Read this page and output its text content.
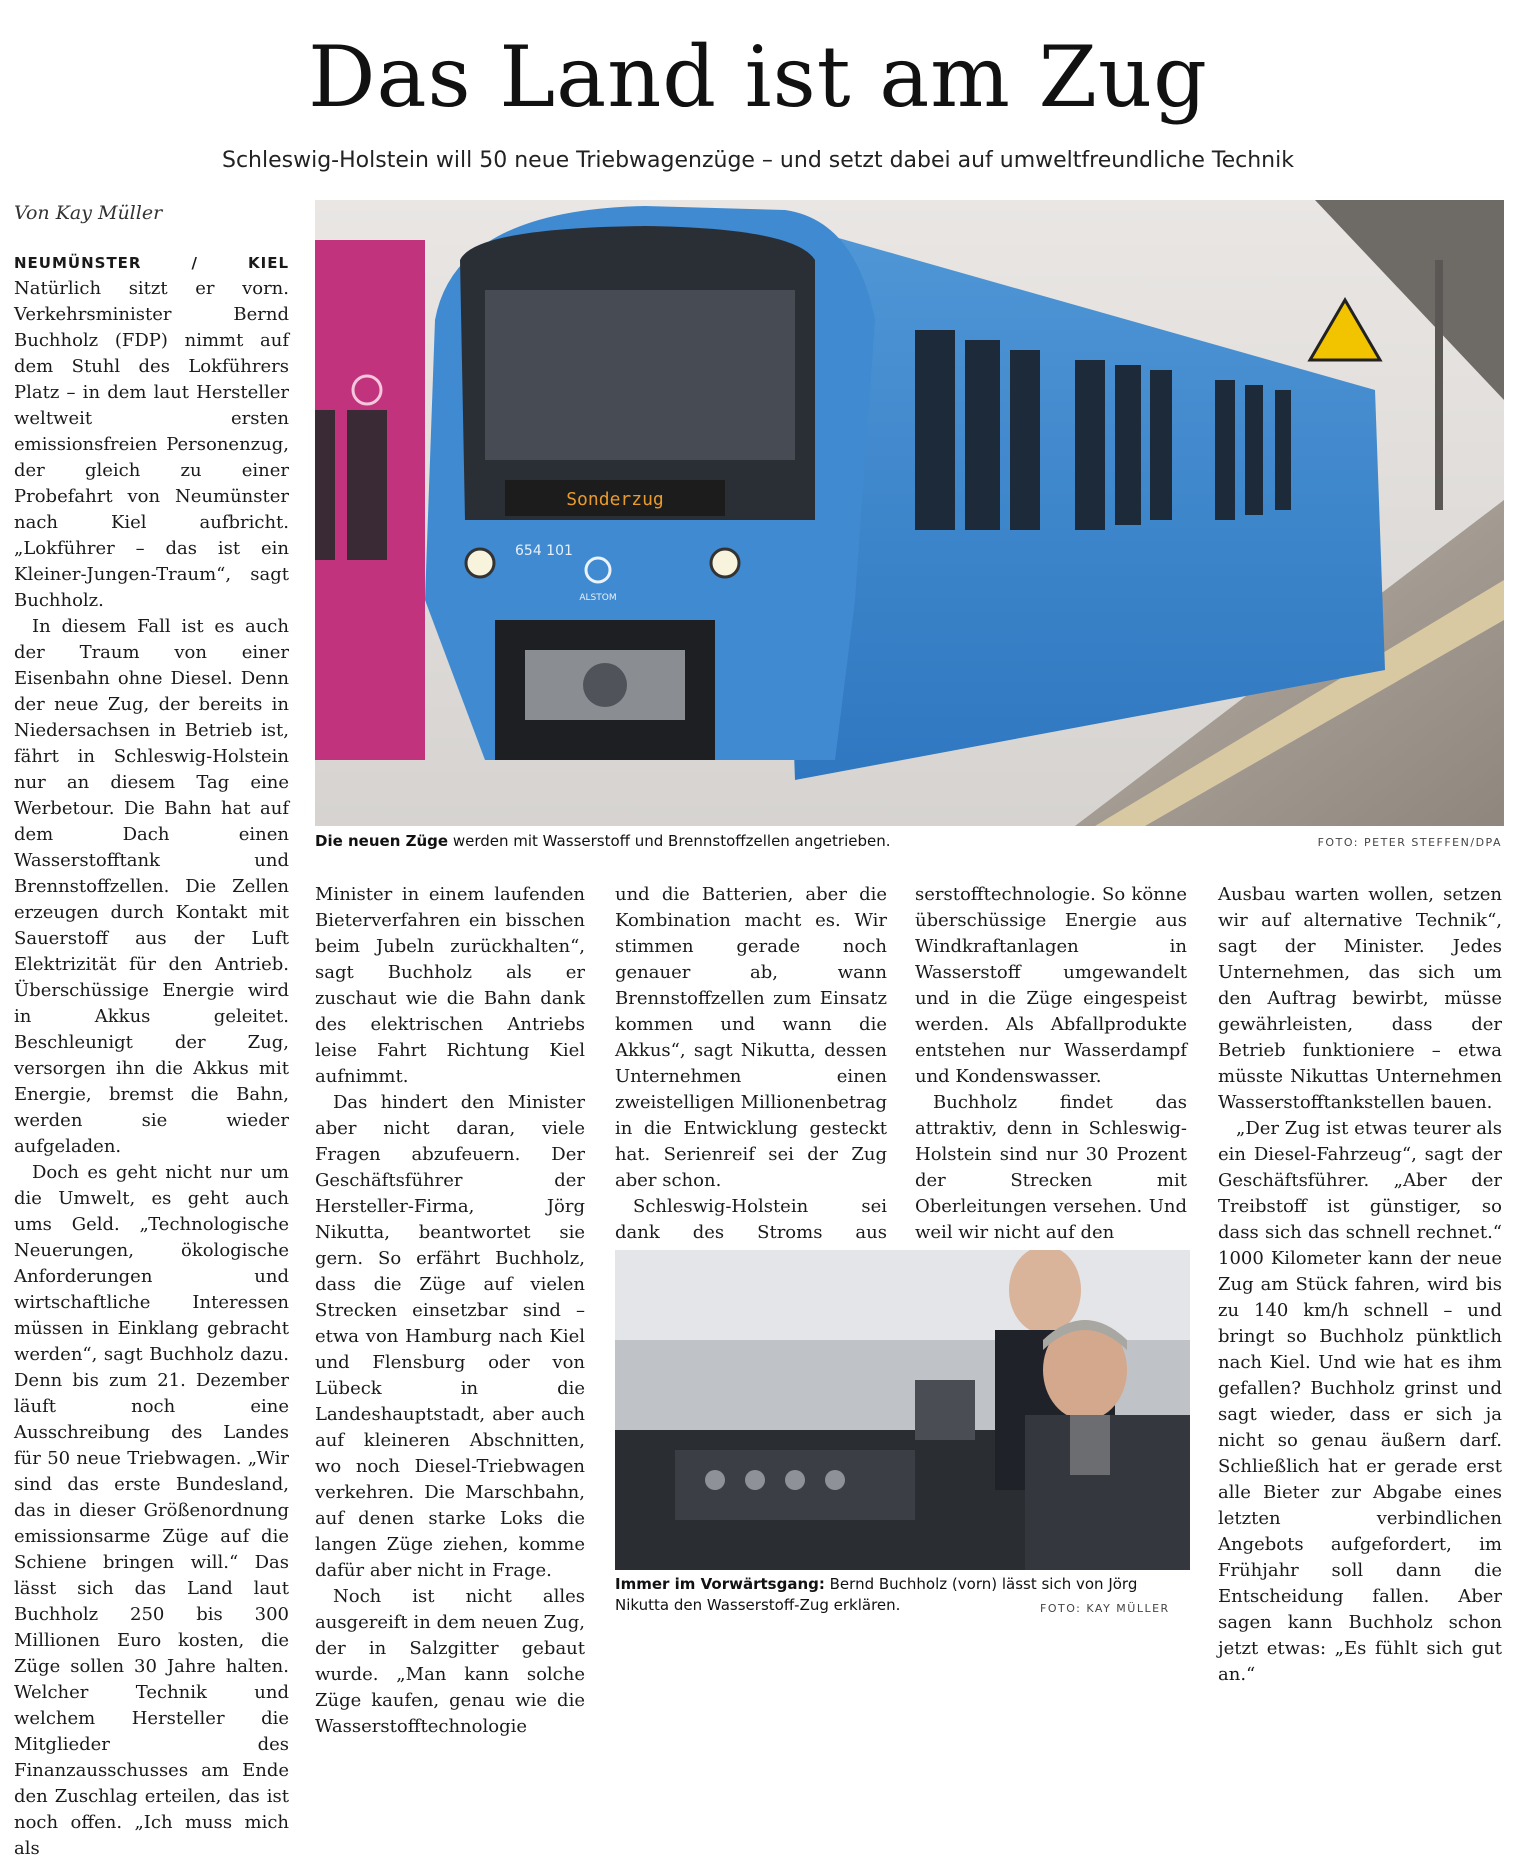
Das Land ist am Zug
Schleswig-Holstein will 50 neue Triebwagenzüge – und setzt dabei auf umweltfreundliche Technik
Von Kay Müller
Sonderzug
654 101
ALSTOM
Die neuen Züge werden mit Wasserstoff und Brennstoffzellen angetrieben.	FOTO: PETER STEFFEN/DPA

NEUMÜNSTER / KIEL Natürlich sitzt er vorn. Verkehrsminister Bernd Buchholz (FDP) nimmt auf dem Stuhl des Lokführers Platz – in dem laut Hersteller weltweit ersten emissionsfreien Personenzug, der gleich zu einer Probefahrt von Neumünster nach Kiel aufbricht. „Lokführer – das ist ein Kleiner-Jungen-Traum“, sagt Buchholz.

In diesem Fall ist es auch der Traum von einer Eisenbahn ohne Diesel. Denn der neue Zug, der bereits in Niedersachsen in Betrieb ist, fährt in Schleswig-Holstein nur an diesem Tag eine Werbetour. Die Bahn hat auf dem Dach einen Wasserstofftank und Brennstoffzellen. Die Zellen erzeugen durch Kontakt mit Sauerstoff aus der Luft Elektrizität für den Antrieb. Überschüssige Energie wird in Akkus geleitet. Beschleunigt der Zug, versorgen ihn die Akkus mit Energie, bremst die Bahn, werden sie wieder aufgeladen.

Doch es geht nicht nur um die Umwelt, es geht auch ums Geld. „Technologische Neuerungen, ökologische Anforderungen und wirtschaftliche Interessen müssen in Einklang gebracht werden“, sagt Buchholz dazu. Denn bis zum 21. Dezember läuft noch eine Ausschreibung des Landes für 50 neue Triebwagen. „Wir sind das erste Bundesland, das in dieser Größenordnung emissionsarme Züge auf die Schiene bringen will.“ Das lässt sich das Land laut Buchholz 250 bis 300 Millionen Euro kosten, die Züge sollen 30 Jahre halten. Welcher Technik und welchem Hersteller die Mitglieder des Finanzausschusses am Ende den Zuschlag erteilen, das ist noch offen. „Ich muss mich als

Minister in einem laufenden Bieterverfahren ein bisschen beim Jubeln zurückhalten“, sagt Buchholz als er zuschaut wie die Bahn dank des elektrischen Antriebs leise Fahrt Richtung Kiel aufnimmt.

Das hindert den Minister aber nicht daran, viele Fragen abzufeuern. Der Geschäftsführer der Hersteller-Firma, Jörg Nikutta, beantwortet sie gern. So erfährt Buchholz, dass die Züge auf vielen Strecken einsetzbar sind – etwa von Hamburg nach Kiel und Flensburg oder von Lübeck in die Landeshauptstadt, aber auch auf kleineren Abschnitten, wo noch Diesel-Triebwagen verkehren. Die Marschbahn, auf denen starke Loks die langen Züge ziehen, komme dafür aber nicht in Frage.

Noch ist nicht alles ausgereift in dem neuen Zug, der in Salzgitter gebaut wurde. „Man kann solche Züge kaufen, genau wie die Wasserstofftechnologie

und die Batterien, aber die Kombination macht es. Wir stimmen gerade noch genauer ab, wann Brennstoffzellen zum Einsatz kommen und wann die Akkus“, sagt Nikutta, dessen Unternehmen einen zweistelligen Millionenbetrag in die Entwicklung gesteckt hat. Serienreif sei der Zug aber schon.

Schleswig-Holstein sei dank des Stroms aus

serstofftechnologie. So könne überschüssige Energie aus Windkraftanlagen in Wasserstoff umgewandelt und in die Züge eingespeist werden. Als Abfallprodukte entstehen nur Wasserdampf und Kondenswasser.

Buchholz findet das attraktiv, denn in Schleswig-Holstein sind nur 30 Prozent der Strecken mit Oberleitungen versehen. Und weil wir nicht auf den

Immer im Vorwärtsgang: Bernd Buchholz (vorn) lässt sich von Jörg Nikutta den Wasserstoff-Zug erklären.	FOTO: KAY MÜLLER

Ausbau warten wollen, setzen wir auf alternative Technik“, sagt der Minister. Jedes Unternehmen, das sich um den Auftrag bewirbt, müsse gewährleisten, dass der Betrieb funktioniere – etwa müsste Nikuttas Unternehmen Wasserstofftankstellen bauen.

„Der Zug ist etwas teurer als ein Diesel-Fahrzeug“, sagt der Geschäftsführer. „Aber der Treibstoff ist günstiger, so dass sich das schnell rechnet.“ 1000 Kilometer kann der neue Zug am Stück fahren, wird bis zu 140 km/h schnell – und bringt so Buchholz pünktlich nach Kiel. Und wie hat es ihm gefallen? Buchholz grinst und sagt wieder, dass er sich ja nicht so genau äußern darf. Schließlich hat er gerade erst alle Bieter zur Abgabe eines letzten verbindlichen Angebots aufgefordert, im Frühjahr soll dann die Entscheidung fallen. Aber sagen kann Buchholz schon jetzt etwas: „Es fühlt sich gut an.“
